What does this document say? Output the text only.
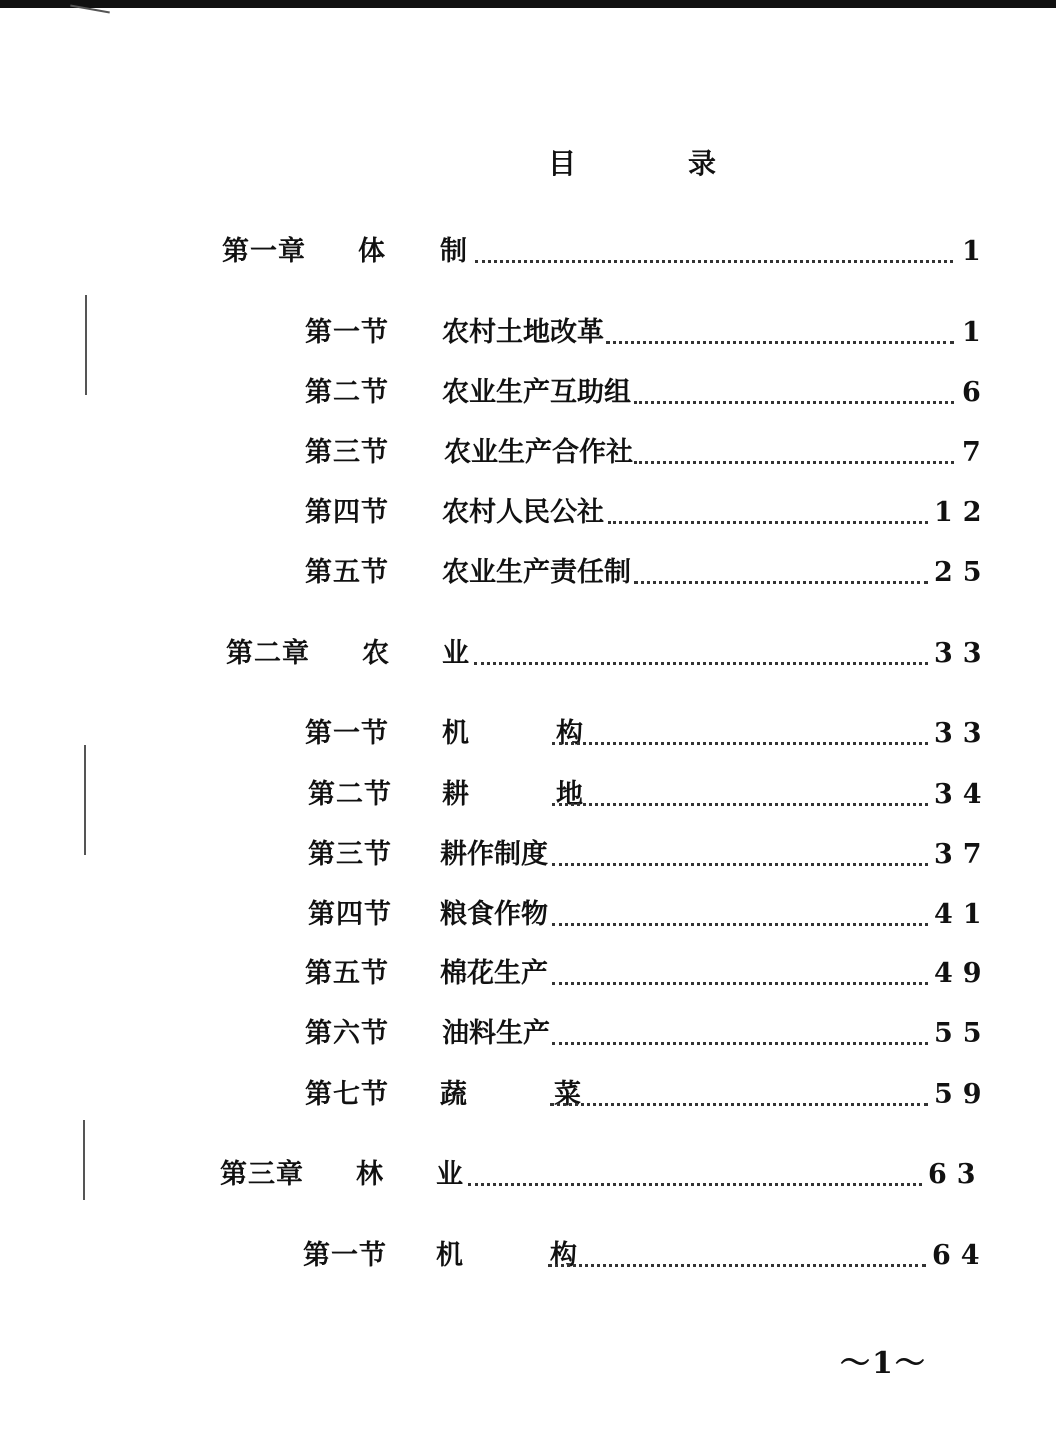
目	录
第一章 体 制	1
第一节 农村土地改革	1
第二节 农业生产互助组	6
第三节 农业生产合作社	7
第四节 农村人民公社	12
第五节 农业生产责任制	25
第二章 农 业	33
第一节 机　构	33
第二节 耕　地	34
第三节 耕作制度	37
第四节 粮食作物	41
第五节 棉花生产	49
第六节 油料生产	55
第七节 蔬　菜	59
第三章 林 业	63
第一节 机　构	64
～1～
